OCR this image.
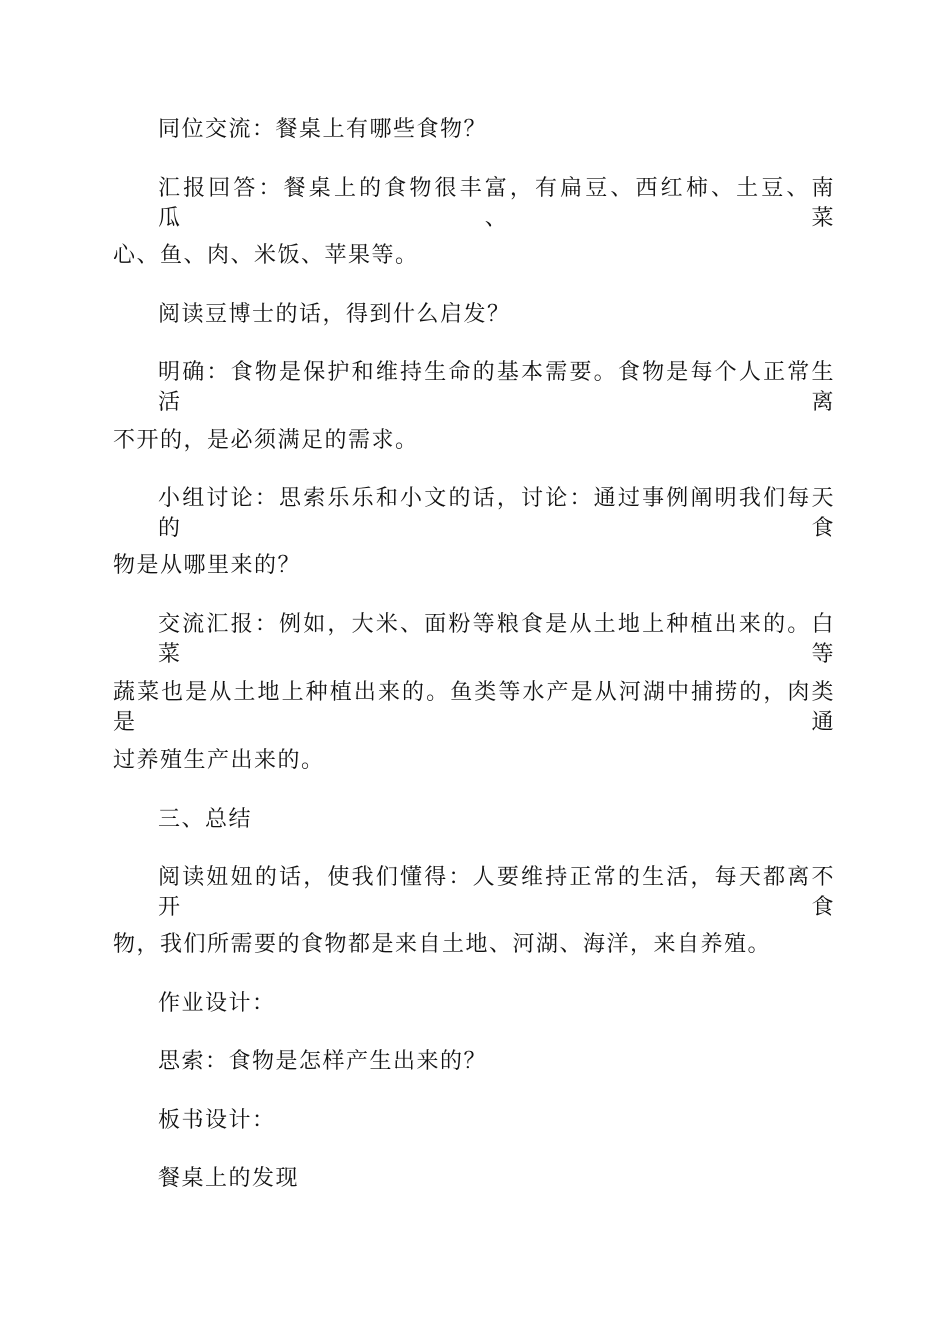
同位交流：餐桌上有哪些食物？
汇报回答：餐桌上的食物很丰富，有扁豆、西红柿、土豆、南瓜、菜
心、鱼、肉、米饭、苹果等。
阅读豆博士的话，得到什么启发？
明确：食物是保护和维持生命的基本需要。食物是每个人正常生活离
不开的，是必须满足的需求。
小组讨论：思索乐乐和小文的话，讨论：通过事例阐明我们每天的食
物是从哪里来的？
交流汇报：例如，大米、面粉等粮食是从土地上种植出来的。白菜等
蔬菜也是从土地上种植出来的。鱼类等水产是从河湖中捕捞的，肉类是通
过养殖生产出来的。
三、总结
阅读妞妞的话，使我们懂得：人要维持正常的生活，每天都离不开食
物，我们所需要的食物都是来自土地、河湖、海洋，来自养殖。
作业设计：
思索：食物是怎样产生出来的？
板书设计：
餐桌上的发现
